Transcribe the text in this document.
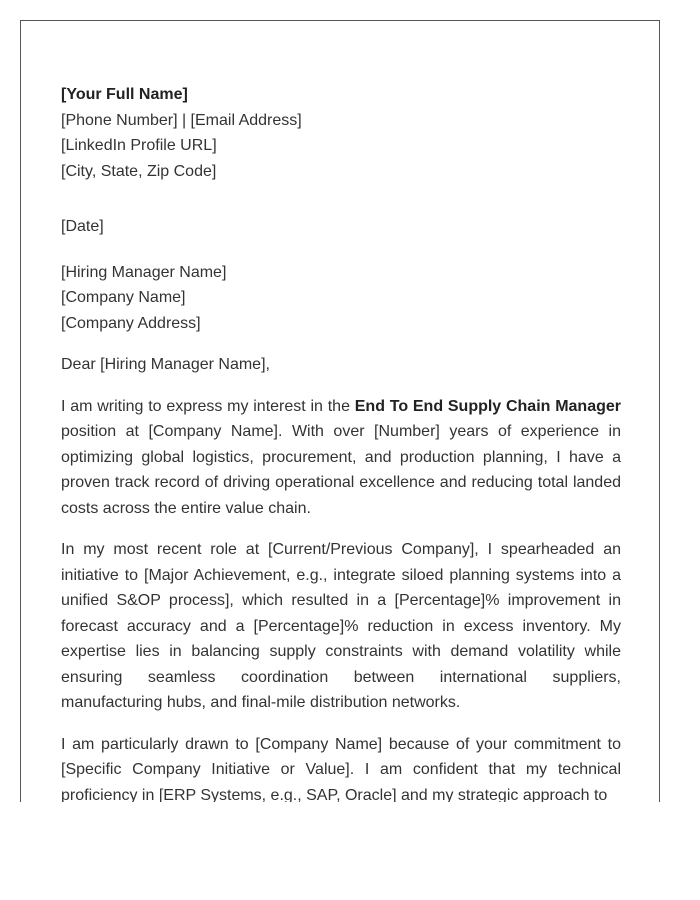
[Your Full Name]
[Phone Number] | [Email Address]
[LinkedIn Profile URL]
[City, State, Zip Code]
[Date]
[Hiring Manager Name]
[Company Name]
[Company Address]
Dear [Hiring Manager Name],

I am writing to express my interest in the End To End Supply Chain Manager position at [Company Name]. With over [Number] years of experience in optimizing global logistics, procurement, and production planning, I have a proven track record of driving operational excellence and reducing total landed costs across the entire value chain.

In my most recent role at [Current/Previous Company], I spearheaded an initiative to [Major Achievement, e.g., integrate siloed planning systems into a unified S&OP process], which resulted in a [Percentage]% improvement in forecast accuracy and a [Percentage]% reduction in excess inventory. My expertise lies in balancing supply constraints with demand volatility while ensuring seamless coordination between international suppliers, manufacturing hubs, and final-mile distribution networks.

I am particularly drawn to [Company Name] because of your commitment to [Specific Company Initiative or Value]. I am confident that my technical proficiency in [ERP Systems, e.g., SAP, Oracle] and my strategic approach to
